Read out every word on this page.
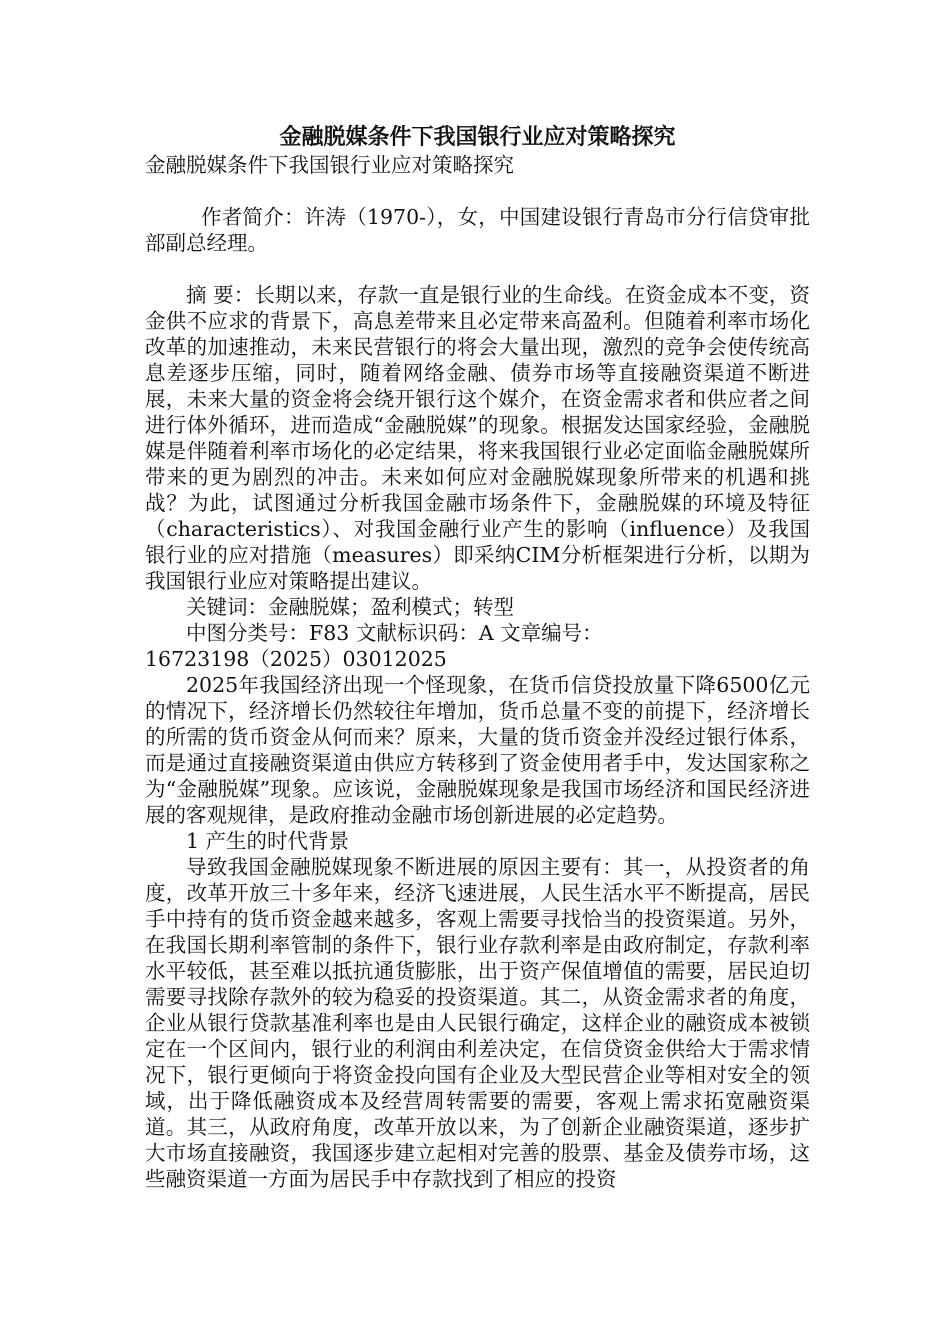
金融脱媒条件下我国银行业应对策略探究
金融脱媒条件下我国银行业应对策略探究

作者简介：许涛（1970-），女，中国建设银行青岛市分行信贷审批部副总经理。

摘 要：长期以来，存款一直是银行业的生命线。在资金成本不变，资金供不应求的背景下，高息差带来且必定带来高盈利。但随着利率市场化改革的加速推动，未来民营银行的将会大量出现，激烈的竞争会使传统高息差逐步压缩，同时，随着网络金融、债券市场等直接融资渠道不断进展，未来大量的资金将会绕开银行这个媒介，在资金需求者和供应者之间进行体外循环，进而造成“金融脱媒”的现象。根据发达国家经验，金融脱媒是伴随着利率市场化的必定结果，将来我国银行业必定面临金融脱媒所带来的更为剧烈的冲击。未来如何应对金融脱媒现象所带来的机遇和挑战？为此，试图通过分析我国金融市场条件下，金融脱媒的环境及特征（characteristics）、对我国金融行业产生的影响（influence）及我国银行业的应对措施（measures）即采纳CIM分析框架进行分析，以期为我国银行业应对策略提出建议。

关键词：金融脱媒；盈利模式；转型

中图分类号：F83 文献标识码：A 文章编号：

16723198（2025）03012025

2025年我国经济出现一个怪现象，在货币信贷投放量下降6500亿元的情况下，经济增长仍然较往年增加，货币总量不变的前提下，经济增长的所需的货币资金从何而来？原来，大量的货币资金并没经过银行体系，而是通过直接融资渠道由供应方转移到了资金使用者手中，发达国家称之为“金融脱媒”现象。应该说，金融脱媒现象是我国市场经济和国民经济进展的客观规律，是政府推动金融市场创新进展的必定趋势。

1 产生的时代背景

导致我国金融脱媒现象不断进展的原因主要有：其一，从投资者的角度，改革开放三十多年来，经济飞速进展，人民生活水平不断提高，居民手中持有的货币资金越来越多，客观上需要寻找恰当的投资渠道。另外，在我国长期利率管制的条件下，银行业存款利率是由政府制定，存款利率水平较低，甚至难以抵抗通货膨胀，出于资产保值增值的需要，居民迫切需要寻找除存款外的较为稳妥的投资渠道。其二，从资金需求者的角度，企业从银行贷款基准利率也是由人民银行确定，这样企业的融资成本被锁定在一个区间内，银行业的利润由利差决定，在信贷资金供给大于需求情况下，银行更倾向于将资金投向国有企业及大型民营企业等相对安全的领域，出于降低融资成本及经营周转需要的需要，客观上需求拓宽融资渠道。其三，从政府角度，改革开放以来，为了创新企业融资渠道，逐步扩大市场直接融资，我国逐步建立起相对完善的股票、基金及债券市场，这些融资渠道一方面为居民手中存款找到了相应的投资
